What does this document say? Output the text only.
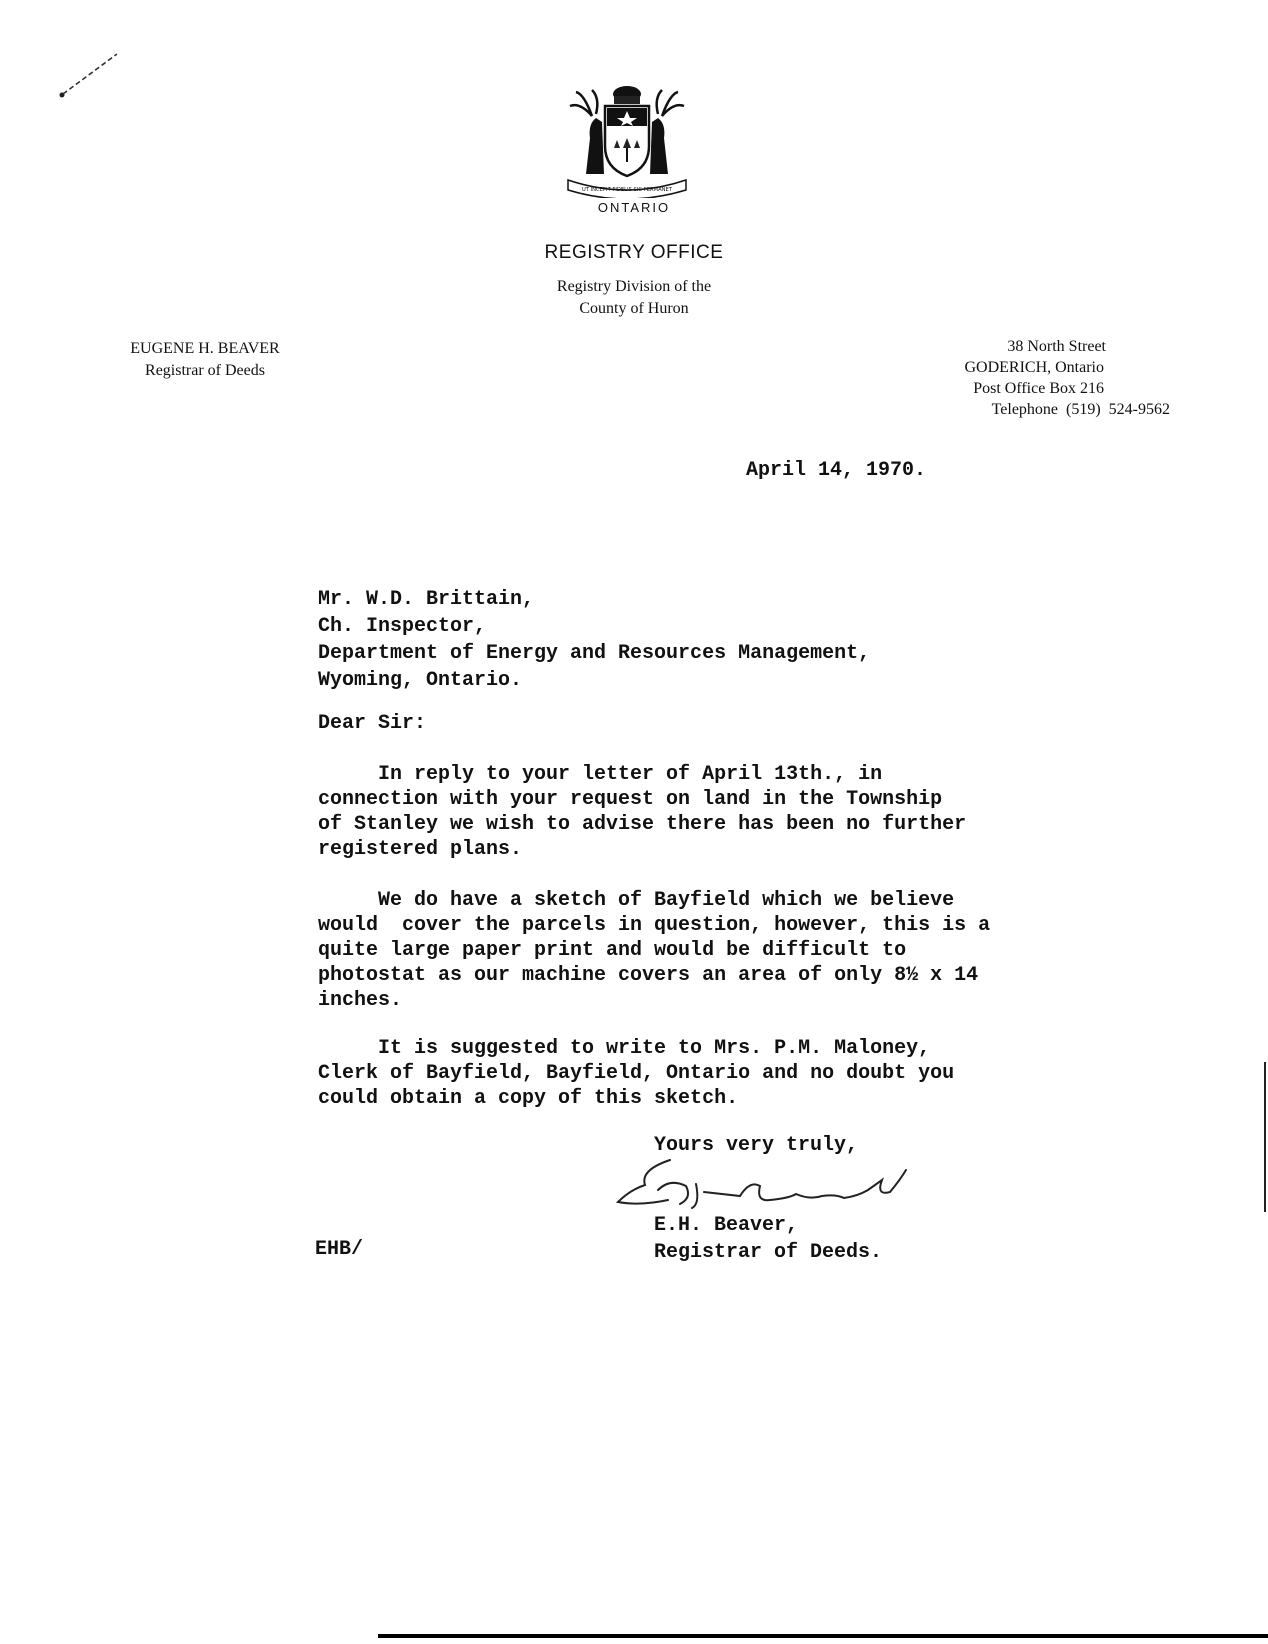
UT INCEPIT FIDELIS SIC PERMANET
ONTARIO
REGISTRY OFFICE
Registry Division of the
County of Huron
EUGENE H. BEAVER
Registrar of Deeds
38 North Street
GODERICH, Ontario
Post Office Box 216
Telephone  (519)  524-9562
April 14, 1970.
Mr. W.D. Brittain,
Ch. Inspector,
Department of Energy and Resources Management,
Wyoming, Ontario.
Dear Sir:
In reply to your letter of April 13th., in
connection with your request on land in the Township
of Stanley we wish to advise there has been no further
registered plans.
We do have a sketch of Bayfield which we believe
would  cover the parcels in question, however, this is a
quite large paper print and would be difficult to
photostat as our machine covers an area of only 8½ x 14
inches.
It is suggested to write to Mrs. P.M. Maloney,
Clerk of Bayfield, Bayfield, Ontario and no doubt you
could obtain a copy of this sketch.
Yours very truly,
E H Beaver
E.H. Beaver,
Registrar of Deeds.
EHB/
